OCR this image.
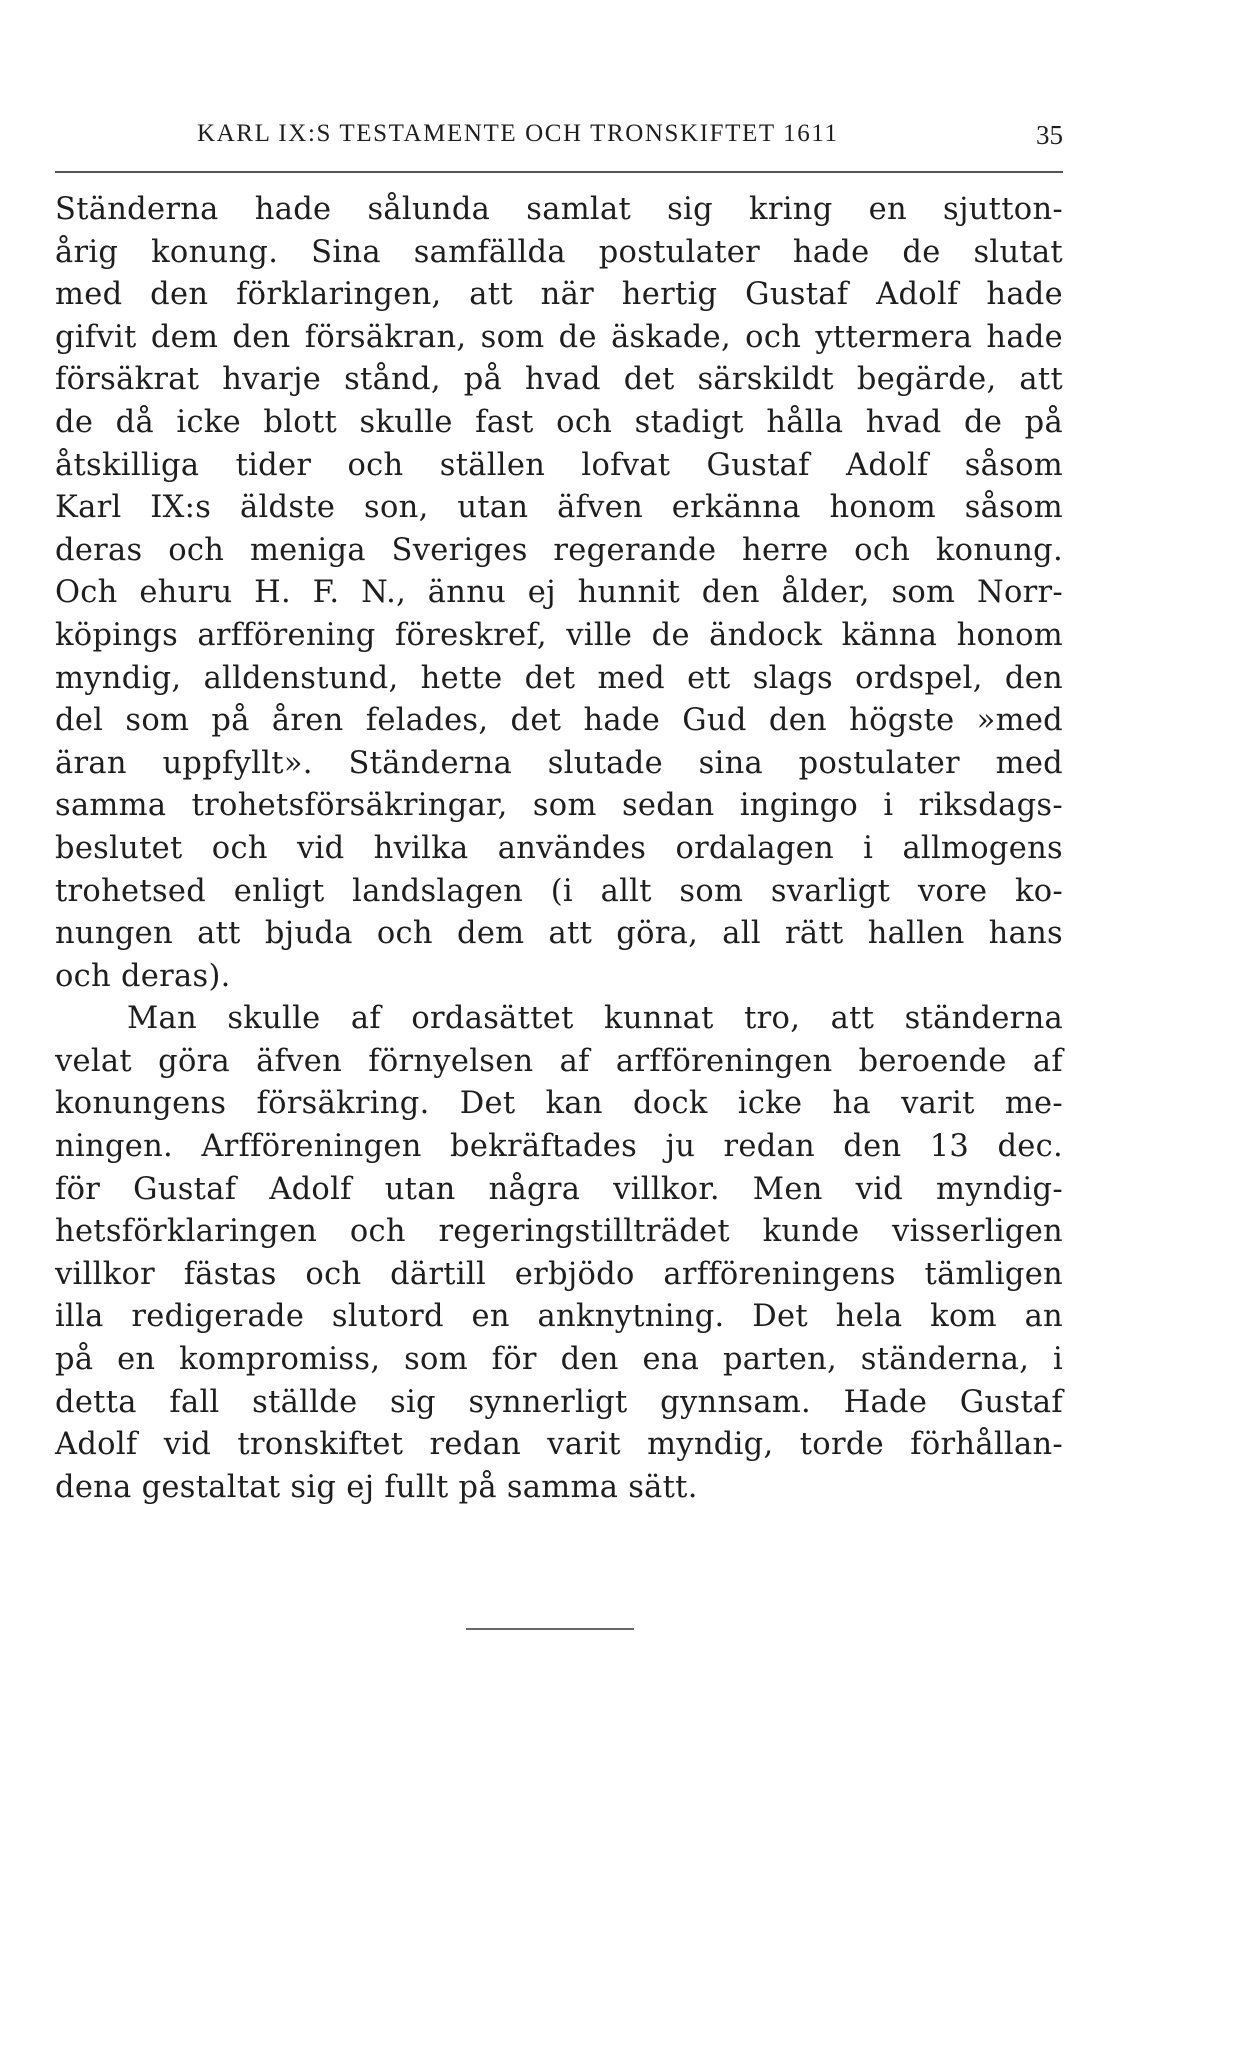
KARL IX:S TESTAMENTE OCH TRONSKIFTET 1611	35
Ständerna hade sålunda samlat sig kring en sjutton-
årig konung. Sina samfällda postulater hade de slutat
med den förklaringen, att när hertig Gustaf Adolf hade
gifvit dem den försäkran, som de äskade, och yttermera hade
försäkrat hvarje stånd, på hvad det särskildt begärde, att
de då icke blott skulle fast och stadigt hålla hvad de på
åtskilliga tider och ställen lofvat Gustaf Adolf såsom
Karl IX:s äldste son, utan äfven erkänna honom såsom
deras och meniga Sveriges regerande herre och konung.
Och ehuru H. F. N., ännu ej hunnit den ålder, som Norr-
köpings arfförening föreskref, ville de ändock känna honom
myndig, alldenstund, hette det med ett slags ordspel, den
del som på åren felades, det hade Gud den högste »med
äran uppfyllt». Ständerna slutade sina postulater med
samma trohetsförsäkringar, som sedan ingingo i riksdags-
beslutet och vid hvilka användes ordalagen i allmogens
trohetsed enligt landslagen (i allt som svarligt vore ko-
nungen att bjuda och dem att göra, all rätt hallen hans
och deras).
Man skulle af ordasättet kunnat tro, att ständerna
velat göra äfven förnyelsen af arfföreningen beroende af
konungens försäkring. Det kan dock icke ha varit me-
ningen. Arfföreningen bekräftades ju redan den 13 dec.
för Gustaf Adolf utan några villkor. Men vid myndig-
hetsförklaringen och regeringstillträdet kunde visserligen
villkor fästas och därtill erbjödo arfföreningens tämligen
illa redigerade slutord en anknytning. Det hela kom an
på en kompromiss, som för den ena parten, ständerna, i
detta fall ställde sig synnerligt gynnsam. Hade Gustaf
Adolf vid tronskiftet redan varit myndig, torde förhållan-
dena gestaltat sig ej fullt på samma sätt.
